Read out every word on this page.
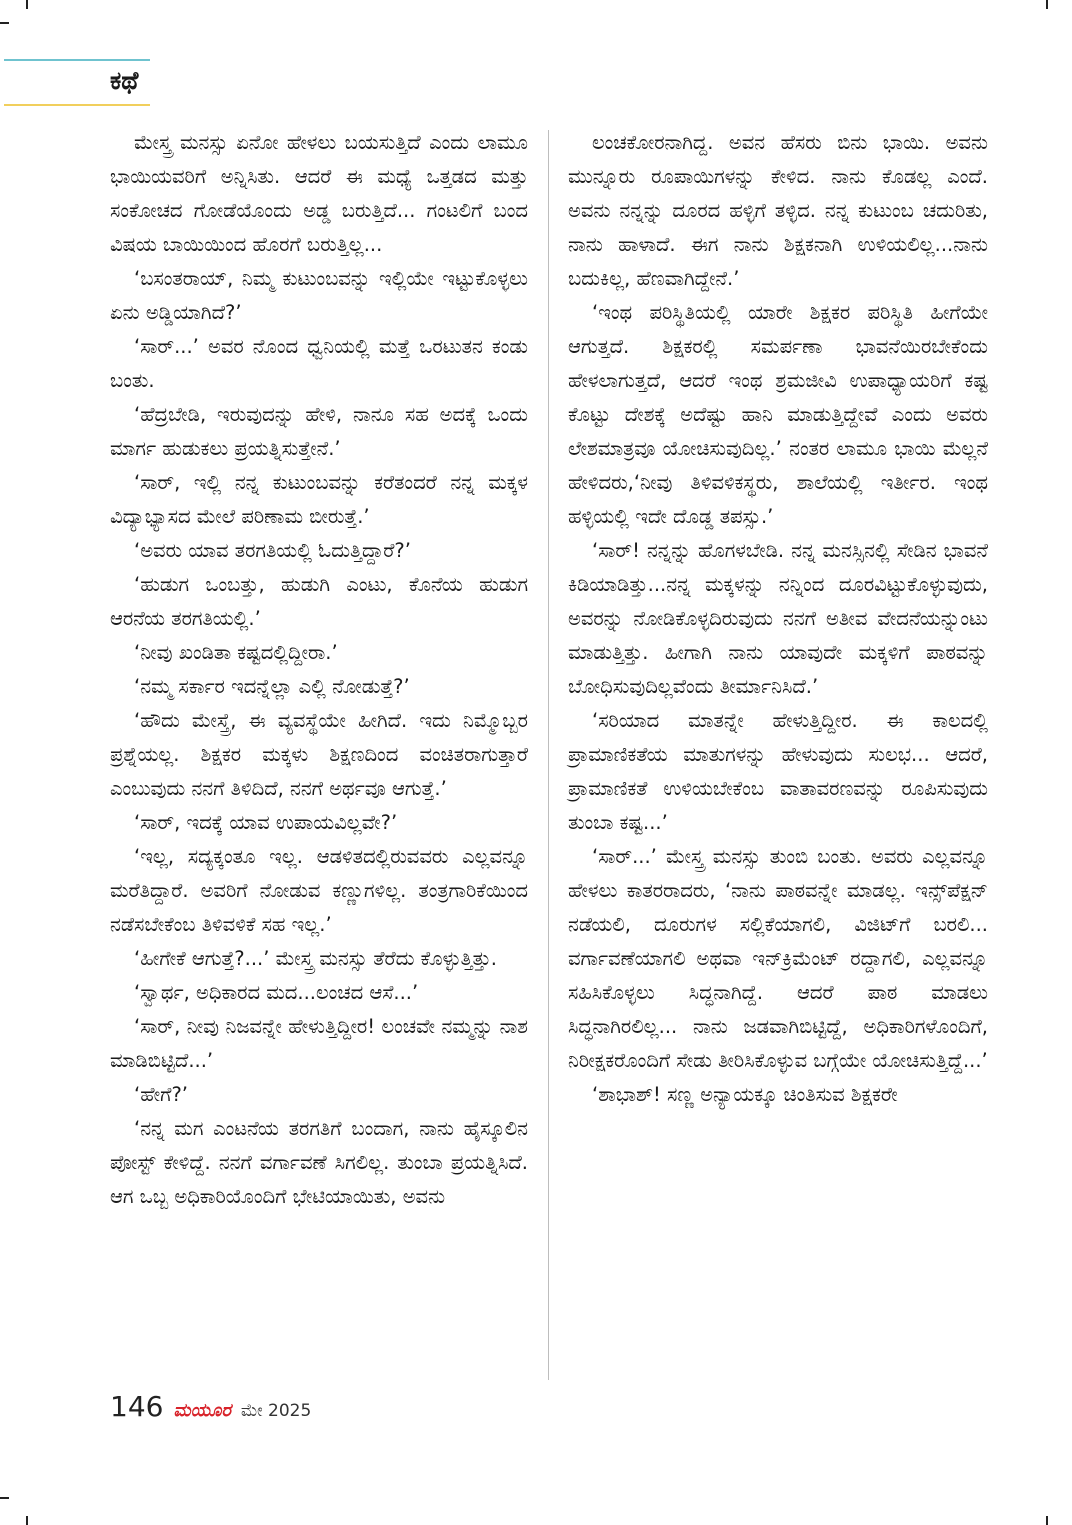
ಕಥೆ

ಮೇಸ್ತ್ರ ಮನಸ್ಸು ಏನೋ ಹೇಳಲು ಬಯಸುತ್ತಿದೆ ಎಂದು ಲಾಮೂ ಭಾಯಿಯವರಿಗೆ ಅನ್ನಿಸಿತು. ಆದರೆ ಈ ಮಧ್ಯೆ ಒತ್ತಡದ ಮತ್ತು ಸಂಕೋಚದ ಗೋಡೆಯೊಂದು ಅಡ್ಡ ಬರುತ್ತಿದೆ... ಗಂಟಲಿಗೆ ಬಂದ ವಿಷಯ ಬಾಯಿಯಿಂದ ಹೊರಗೆ ಬರುತ್ತಿಲ್ಲ...

‘ಬಸಂತರಾಯ್, ನಿಮ್ಮ ಕುಟುಂಬವನ್ನು ಇಲ್ಲಿಯೇ ಇಟ್ಟುಕೊಳ್ಳಲು ಏನು ಅಡ್ಡಿಯಾಗಿದೆ?’

‘ಸಾರ್...’ ಅವರ ನೊಂದ ಧ್ವನಿಯಲ್ಲಿ ಮತ್ತೆ ಒರಟುತನ ಕಂಡು ಬಂತು.

‘ಹೆದ್ರಬೇಡಿ, ಇರುವುದನ್ನು ಹೇಳಿ, ನಾನೂ ಸಹ ಅದಕ್ಕೆ ಒಂದು ಮಾರ್ಗ ಹುಡುಕಲು ಪ್ರಯತ್ನಿಸುತ್ತೇನೆ.’

‘ಸಾರ್, ಇಲ್ಲಿ ನನ್ನ ಕುಟುಂಬವನ್ನು ಕರೆತಂದರೆ ನನ್ನ ಮಕ್ಕಳ ವಿದ್ಯಾಭ್ಯಾಸದ ಮೇಲೆ ಪರಿಣಾಮ ಬೀರುತ್ತೆ.’

‘ಅವರು ಯಾವ ತರಗತಿಯಲ್ಲಿ ಓದುತ್ತಿದ್ದಾರೆ?’

‘ಹುಡುಗ ಒಂಬತ್ತು, ಹುಡುಗಿ ಎಂಟು, ಕೊನೆಯ ಹುಡುಗ ಆರನೆಯ ತರಗತಿಯಲ್ಲಿ.’

‘ನೀವು ಖಂಡಿತಾ ಕಷ್ಟದಲ್ಲಿದ್ದೀರಾ.’

‘ನಮ್ಮ ಸರ್ಕಾರ ಇದನ್ನೆಲ್ಲಾ ಎಲ್ಲಿ ನೋಡುತ್ತೆ?’

‘ಹೌದು ಮೇಸ್ತ್ರೆ, ಈ ವ್ಯವಸ್ಥೆಯೇ ಹೀಗಿದೆ. ಇದು ನಿಮ್ಮೊಬ್ಬರ ಪ್ರಶ್ನೆಯಲ್ಲ. ಶಿಕ್ಷಕರ ಮಕ್ಕಳು ಶಿಕ್ಷಣದಿಂದ ವಂಚಿತರಾಗುತ್ತಾರೆ ಎಂಬುವುದು ನನಗೆ ತಿಳಿದಿದೆ, ನನಗೆ ಅರ್ಥವೂ ಆಗುತ್ತೆ.’

‘ಸಾರ್, ಇದಕ್ಕೆ ಯಾವ ಉಪಾಯವಿಲ್ಲವೇ?’

‘ಇಲ್ಲ, ಸದ್ಯಕ್ಕಂತೂ ಇಲ್ಲ. ಆಡಳಿತದಲ್ಲಿರುವವರು ಎಲ್ಲವನ್ನೂ ಮರೆತಿದ್ದಾರೆ. ಅವರಿಗೆ ನೋಡುವ ಕಣ್ಣುಗಳಿಲ್ಲ. ತಂತ್ರಗಾರಿಕೆಯಿಂದ ನಡೆಸಬೇಕೆಂಬ ತಿಳಿವಳಿಕೆ ಸಹ ಇಲ್ಲ.’

‘ಹೀಗೇಕೆ ಆಗುತ್ತೆ?...’ ಮೇಸ್ತ್ರ ಮನಸ್ಸು ತೆರೆದು ಕೊಳ್ಳುತ್ತಿತ್ತು.

‘ಸ್ವಾರ್ಥ, ಅಧಿಕಾರದ ಮದ...ಲಂಚದ ಆಸೆ...’

‘ಸಾರ್, ನೀವು ನಿಜವನ್ನೇ ಹೇಳುತ್ತಿದ್ದೀರ! ಲಂಚವೇ ನಮ್ಮನ್ನು ನಾಶ ಮಾಡಿಬಿಟ್ಟಿದೆ...’

‘ಹೇಗೆ?’

‘ನನ್ನ ಮಗ ಎಂಟನೆಯ ತರಗತಿಗೆ ಬಂದಾಗ, ನಾನು ಹೈಸ್ಕೂಲಿನ ಪೋಸ್ಟ್ ಕೇಳಿದ್ದೆ. ನನಗೆ ವರ್ಗಾವಣೆ ಸಿಗಲಿಲ್ಲ. ತುಂಬಾ ಪ್ರಯತ್ನಿಸಿದೆ. ಆಗ ಒಬ್ಬ ಅಧಿಕಾರಿಯೊಂದಿಗೆ ಭೇಟಿಯಾಯಿತು, ಅವನು

ಲಂಚಕೋರನಾಗಿದ್ದ. ಅವನ ಹೆಸರು ಬಿನು ಭಾಯಿ. ಅವನು ಮುನ್ನೂರು ರೂಪಾಯಿಗಳನ್ನು ಕೇಳಿದ. ನಾನು ಕೊಡಲ್ಲ ಎಂದೆ. ಅವನು ನನ್ನನ್ನು ದೂರದ ಹಳ್ಳಿಗೆ ತಳ್ಳಿದ. ನನ್ನ ಕುಟುಂಬ ಚದುರಿತು, ನಾನು ಹಾಳಾದೆ. ಈಗ ನಾನು ಶಿಕ್ಷಕನಾಗಿ ಉಳಿಯಲಿಲ್ಲ...ನಾನು ಬದುಕಿಲ್ಲ, ಹೆಣವಾಗಿದ್ದೇನೆ.’

‘ಇಂಥ ಪರಿಸ್ಥಿತಿಯಲ್ಲಿ ಯಾರೇ ಶಿಕ್ಷಕರ ಪರಿಸ್ಥಿತಿ ಹೀಗೆಯೇ ಆಗುತ್ತದೆ. ಶಿಕ್ಷಕರಲ್ಲಿ ಸಮರ್ಪಣಾ ಭಾವನೆಯಿರಬೇಕೆಂದು ಹೇಳಲಾಗುತ್ತದೆ, ಆದರೆ ಇಂಥ ಶ್ರಮಜೀವಿ ಉಪಾಧ್ಯಾಯರಿಗೆ ಕಷ್ಟ ಕೊಟ್ಟು ದೇಶಕ್ಕೆ ಅದೆಷ್ಟು ಹಾನಿ ಮಾಡುತ್ತಿದ್ದೇವೆ ಎಂದು ಅವರು ಲೇಶಮಾತ್ರವೂ ಯೋಚಿಸುವುದಿಲ್ಲ.’ ನಂತರ ಲಾಮೂ ಭಾಯಿ ಮೆಲ್ಲನೆ ಹೇಳಿದರು,‘ನೀವು ತಿಳಿವಳಿಕಸ್ಥರು, ಶಾಲೆಯಲ್ಲಿ ಇರ್ತೀರ. ಇಂಥ ಹಳ್ಳಿಯಲ್ಲಿ ಇದೇ ದೊಡ್ಡ ತಪಸ್ಸು.’

‘ಸಾರ್! ನನ್ನನ್ನು ಹೊಗಳಬೇಡಿ. ನನ್ನ ಮನಸ್ಸಿನಲ್ಲಿ ಸೇಡಿನ ಭಾವನೆ ಕಿಡಿಯಾಡಿತ್ತು...ನನ್ನ ಮಕ್ಕಳನ್ನು ನನ್ನಿಂದ ದೂರವಿಟ್ಟುಕೊಳ್ಳುವುದು, ಅವರನ್ನು ನೋಡಿಕೊಳ್ಳದಿರುವುದು ನನಗೆ ಅತೀವ ವೇದನೆಯನ್ನುಂಟು ಮಾಡುತ್ತಿತ್ತು. ಹೀಗಾಗಿ ನಾನು ಯಾವುದೇ ಮಕ್ಕಳಿಗೆ ಪಾಠವನ್ನು ಬೋಧಿಸುವುದಿಲ್ಲವೆಂದು ತೀರ್ಮಾನಿಸಿದೆ.’

‘ಸರಿಯಾದ ಮಾತನ್ನೇ ಹೇಳುತ್ತಿದ್ದೀರ. ಈ ಕಾಲದಲ್ಲಿ ಪ್ರಾಮಾಣಿಕತೆಯ ಮಾತುಗಳನ್ನು ಹೇಳುವುದು ಸುಲಭ... ಆದರೆ, ಪ್ರಾಮಾಣಿಕತೆ ಉಳಿಯಬೇಕೆಂಬ ವಾತಾವರಣವನ್ನು ರೂಪಿಸುವುದು ತುಂಬಾ ಕಷ್ಟ...’

‘ಸಾರ್...’ ಮೇಸ್ತ್ರ ಮನಸ್ಸು ತುಂಬಿ ಬಂತು. ಅವರು ಎಲ್ಲವನ್ನೂ ಹೇಳಲು ಕಾತರರಾದರು, ‘ನಾನು ಪಾಠವನ್ನೇ ಮಾಡಲ್ಲ. ಇನ್ಸ್‌ಪೆಕ್ಷನ್ ನಡೆಯಲಿ, ದೂರುಗಳ ಸಲ್ಲಿಕೆಯಾಗಲಿ, ವಿಜಿಟ್‌ಗೆ ಬರಲಿ... ವರ್ಗಾವಣೆಯಾಗಲಿ ಅಥವಾ ಇನ್‌ಕ್ರಿಮೆಂಟ್ ರದ್ದಾಗಲಿ, ಎಲ್ಲವನ್ನೂ ಸಹಿಸಿಕೊಳ್ಳಲು ಸಿದ್ಧನಾಗಿದ್ದೆ. ಆದರೆ ಪಾಠ ಮಾಡಲು ಸಿದ್ಧನಾಗಿರಲಿಲ್ಲ... ನಾನು ಜಡವಾಗಿಬಿಟ್ಟಿದ್ದೆ, ಅಧಿಕಾರಿಗಳೊಂದಿಗೆ, ನಿರೀಕ್ಷಕರೊಂದಿಗೆ ಸೇಡು ತೀರಿಸಿಕೊಳ್ಳುವ ಬಗ್ಗೆಯೇ ಯೋಚಿಸುತ್ತಿದ್ದೆ...’

‘ಶಾಭಾಶ್! ಸಣ್ಣ ಅನ್ಯಾಯಕ್ಕೂ ಚಿಂತಿಸುವ ಶಿಕ್ಷಕರೇ

146 ಮಯೂರ ಮೇ 2025
